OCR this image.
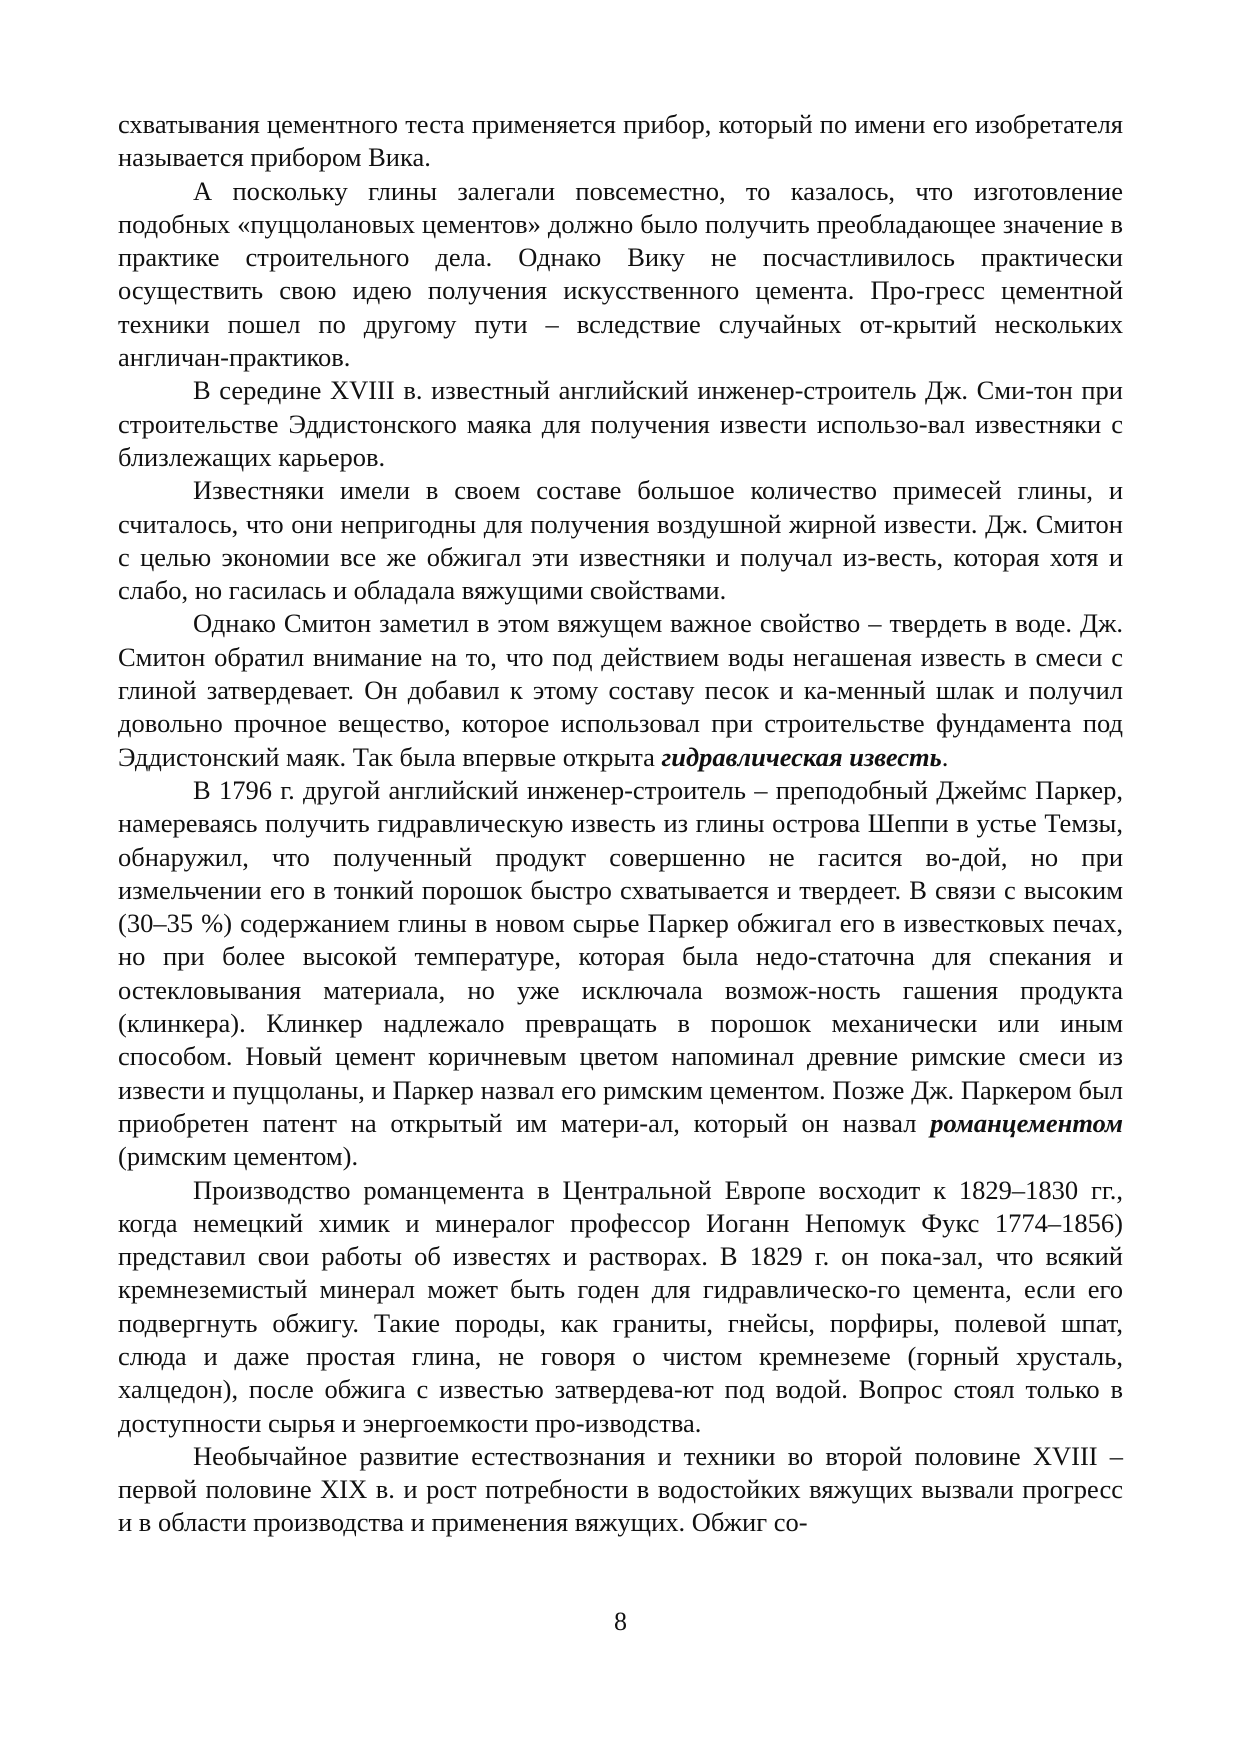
схватывания цементного теста применяется прибор, который по имени его изобретателя называется прибором Вика.

А поскольку глины залегали повсеместно, то казалось, что изготовление подобных «пуццолановых цементов» должно было получить преобладающее значение в практике строительного дела. Однако Вику не посчастливилось практически осуществить свою идею получения искусственного цемента. Про-гресс цементной техники пошел по другому пути – вследствие случайных от-крытий нескольких англичан-практиков.

В середине XVIII в. известный английский инженер-строитель Дж. Сми-тон при строительстве Эддистонского маяка для получения извести использо-вал известняки с близлежащих карьеров.

Известняки имели в своем составе большое количество примесей глины, и считалось, что они непригодны для получения воздушной жирной извести. Дж. Смитон с целью экономии все же обжигал эти известняки и получал из-весть, которая хотя и слабо, но гасилась и обладала вяжущими свойствами.

Однако Смитон заметил в этом вяжущем важное свойство – твердеть в воде. Дж. Смитон обратил внимание на то, что под действием воды негашеная известь в смеси с глиной затвердевает. Он добавил к этому составу песок и ка-менный шлак и получил довольно прочное вещество, которое использовал при строительстве фундамента под Эддистонский маяк. Так была впервые открыта гидравлическая известь.

В 1796 г. другой английский инженер-строитель – преподобный Джеймс Паркер, намереваясь получить гидравлическую известь из глины острова Шеппи в устье Темзы, обнаружил, что полученный продукт совершенно не гасится во-дой, но при измельчении его в тонкий порошок быстро схватывается и твердеет. В связи с высоким (30–35 %) содержанием глины в новом сырье Паркер обжигал его в известковых печах, но при более высокой температуре, которая была недо-статочна для спекания и остекловывания материала, но уже исключала возмож-ность гашения продукта (клинкера). Клинкер надлежало превращать в порошок механически или иным способом. Новый цемент коричневым цветом напоминал древние римские смеси из извести и пуццоланы, и Паркер назвал его римским цементом. Позже Дж. Паркером был приобретен патент на открытый им матери-ал, который он назвал романцементом (римским цементом).

Производство романцемента в Центральной Европе восходит к 1829–1830 гг., когда немецкий химик и минералог профессор Иоганн Непомук Фукс 1774–1856) представил свои работы об известях и растворах. В 1829 г. он пока-зал, что всякий кремнеземистый минерал может быть годен для гидравлическо-го цемента, если его подвергнуть обжигу. Такие породы, как граниты, гнейсы, порфиры, полевой шпат, слюда и даже простая глина, не говоря о чистом кремнеземе (горный хрусталь, халцедон), после обжига с известью затвердева-ют под водой. Вопрос стоял только в доступности сырья и энергоемкости про-изводства.

Необычайное развитие естествознания и техники во второй половине XVIII – первой половине XIX в. и рост потребности в водостойких вяжущих вызвали прогресс и в области производства и применения вяжущих. Обжиг со-

8
